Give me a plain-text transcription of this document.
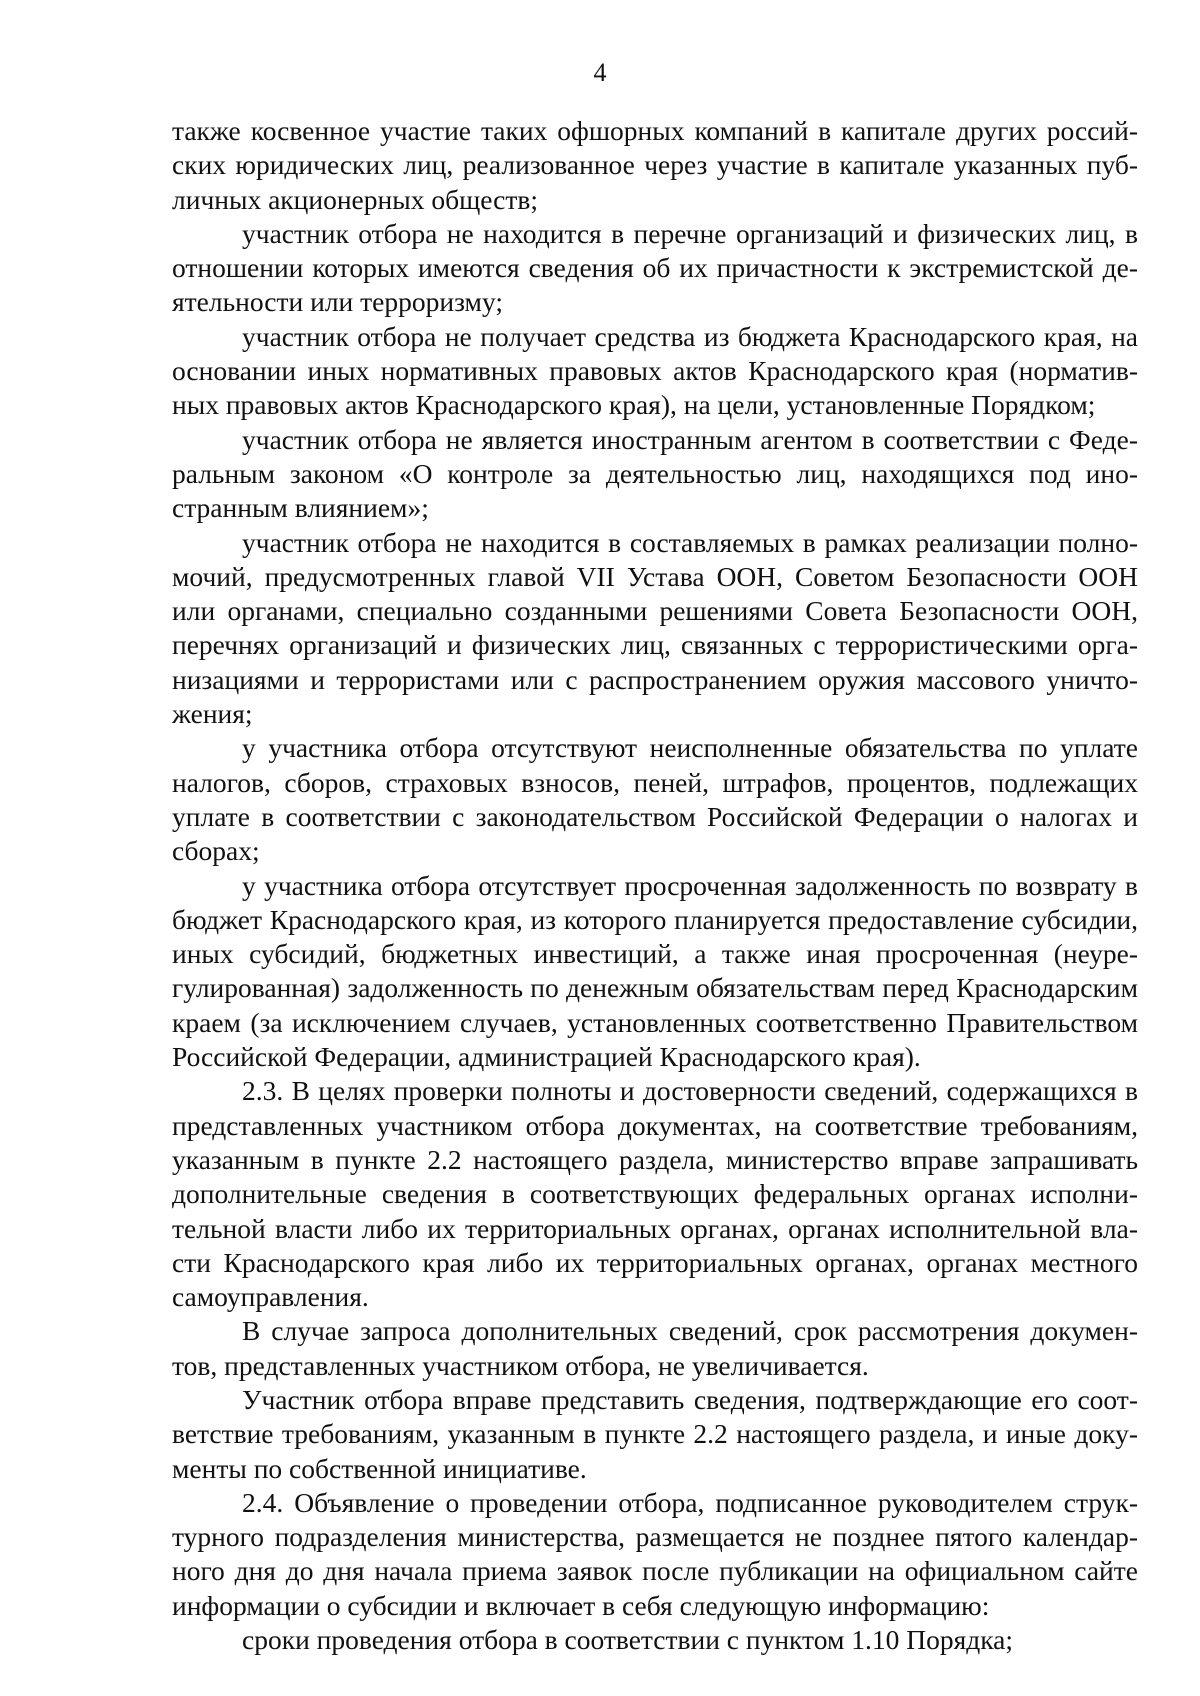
4

также косвенное участие таких офшорных компаний в капитале других российских юридических лиц, реализованное через участие в капитале указанных публичных акционерных обществ;

участник отбора не находится в перечне организаций и физических лиц, в отношении которых имеются сведения об их причастности к экстремистской деятельности или терроризму;

участник отбора не получает средства из бюджета Краснодарского края, на основании иных нормативных правовых актов Краснодарского края (нормативных правовых актов Краснодарского края), на цели, установленные Порядком;

участник отбора не является иностранным агентом в соответствии с Федеральным законом «О контроле за деятельностью лиц, находящихся под иностранным влиянием»;

участник отбора не находится в составляемых в рамках реализации полномочий, предусмотренных главой VII Устава ООН, Советом Безопасности ООН или органами, специально созданными решениями Совета Безопасности ООН, перечнях организаций и физических лиц, связанных с террористическими организациями и террористами или с распространением оружия массового уничтожения;

у участника отбора отсутствуют неисполненные обязательства по уплате налогов, сборов, страховых взносов, пеней, штрафов, процентов, подлежащих уплате в соответствии с законодательством Российской Федерации о налогах и сборах;

у участника отбора отсутствует просроченная задолженность по возврату в бюджет Краснодарского края, из которого планируется предоставление субсидии, иных субсидий, бюджетных инвестиций, а также иная просроченная (неурегулированная) задолженность по денежным обязательствам перед Краснодарским краем (за исключением случаев, установленных соответственно Правительством Российской Федерации, администрацией Краснодарского края).

2.3. В целях проверки полноты и достоверности сведений, содержащихся в представленных участником отбора документах, на соответствие требованиям, указанным в пункте 2.2 настоящего раздела, министерство вправе запрашивать дополнительные сведения в соответствующих федеральных органах исполнительной власти либо их территориальных органах, органах исполнительной власти Краснодарского края либо их территориальных органах, органах местного самоуправления.

В случае запроса дополнительных сведений, срок рассмотрения документов, представленных участником отбора, не увеличивается.

Участник отбора вправе представить сведения, подтверждающие его соответствие требованиям, указанным в пункте 2.2 настоящего раздела, и иные документы по собственной инициативе.

2.4. Объявление о проведении отбора, подписанное руководителем структурного подразделения министерства, размещается не позднее пятого календарного дня до дня начала приема заявок после публикации на официальном сайте информации о субсидии и включает в себя следующую информацию:

сроки проведения отбора в соответствии с пунктом 1.10 Порядка;
